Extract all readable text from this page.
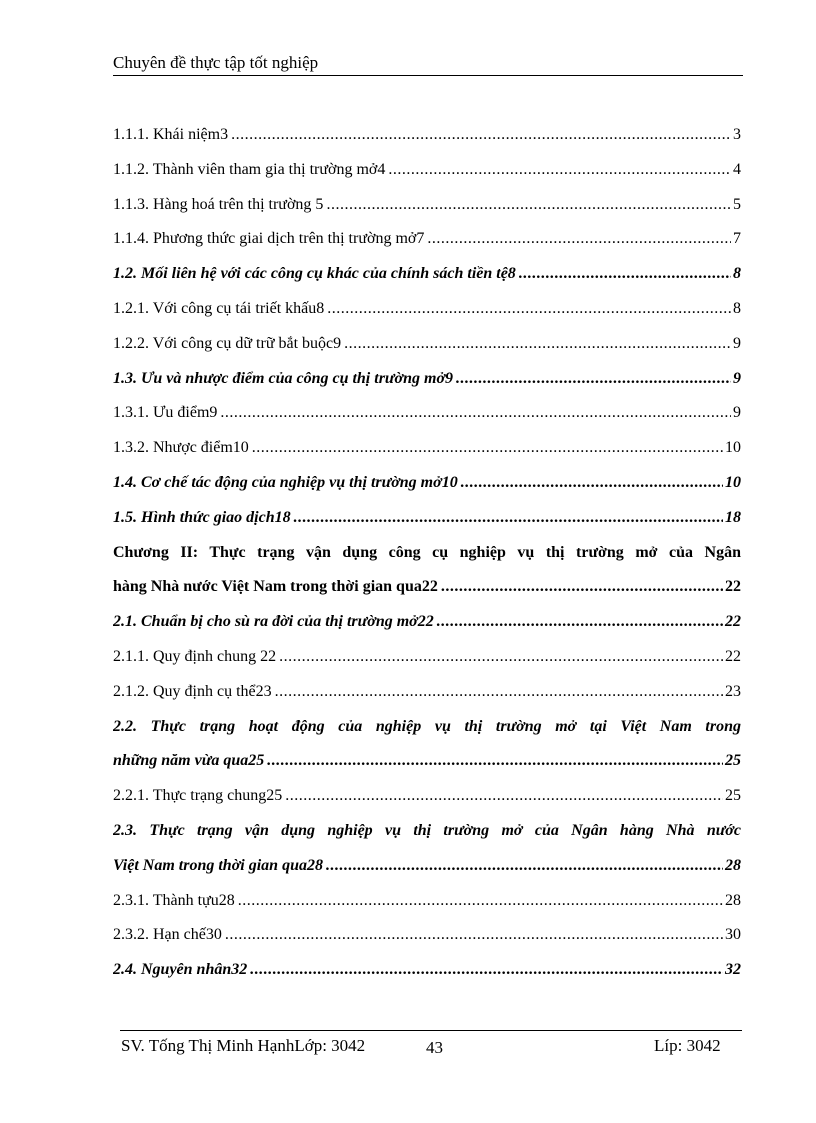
Chuyên đề thực tập tốt nghiệp
1.1.1. Khái niệm3 .....	3
1.1.2. Thành viên tham gia thị trường mở4 .....	4
1.1.3. Hàng hoá trên thị trường 5 .....	5
1.1.4. Phương thức giai dịch trên thị trường mở7 .....	7
1.2. Mối liên hệ với các công cụ khác của chính sách tiền tệ8 .....	8
1.2.1. Với công cụ tái triết khấu8 .....	8
1.2.2. Với công cụ dữ trữ bắt buộc9 .....	9
1.3. Ưu và nhược điểm của công cụ thị trường mở9 .....	9
1.3.1. Ưu điểm9 .....	9
1.3.2. Nhược điểm10 .....	10
1.4. Cơ chế tác động của nghiệp vụ thị trường mở10 .....	10
1.5. Hình thức giao dịch18 .....	18
Chương II: Thực trạng vận dụng công cụ nghiệp vụ thị trường mở của Ngân
hàng Nhà nước Việt Nam trong thời gian qua22 .....	22
2.1. Chuẩn bị cho sù ra đời của thị trường mở22 .....	22
2.1.1. Quy định chung 22 .....	22
2.1.2. Quy định cụ thể23 .....	23
2.2. Thực trạng hoạt động của nghiệp vụ thị trường mở tại Việt Nam trong
những năm vừa qua25 .....	25
2.2.1. Thực trạng chung25 .....	25
2.3. Thực trạng vận dụng nghiệp vụ thị trường mở của Ngân hàng Nhà nước
Việt Nam trong thời gian qua28 .....	28
2.3.1. Thành tựu28 .....	28
2.3.2. Hạn chế30 .....	30
2.4. Nguyên nhân32 .....	32
SV. Tống Thị Minh HạnhLớp: 3042	43	Líp: 3042
